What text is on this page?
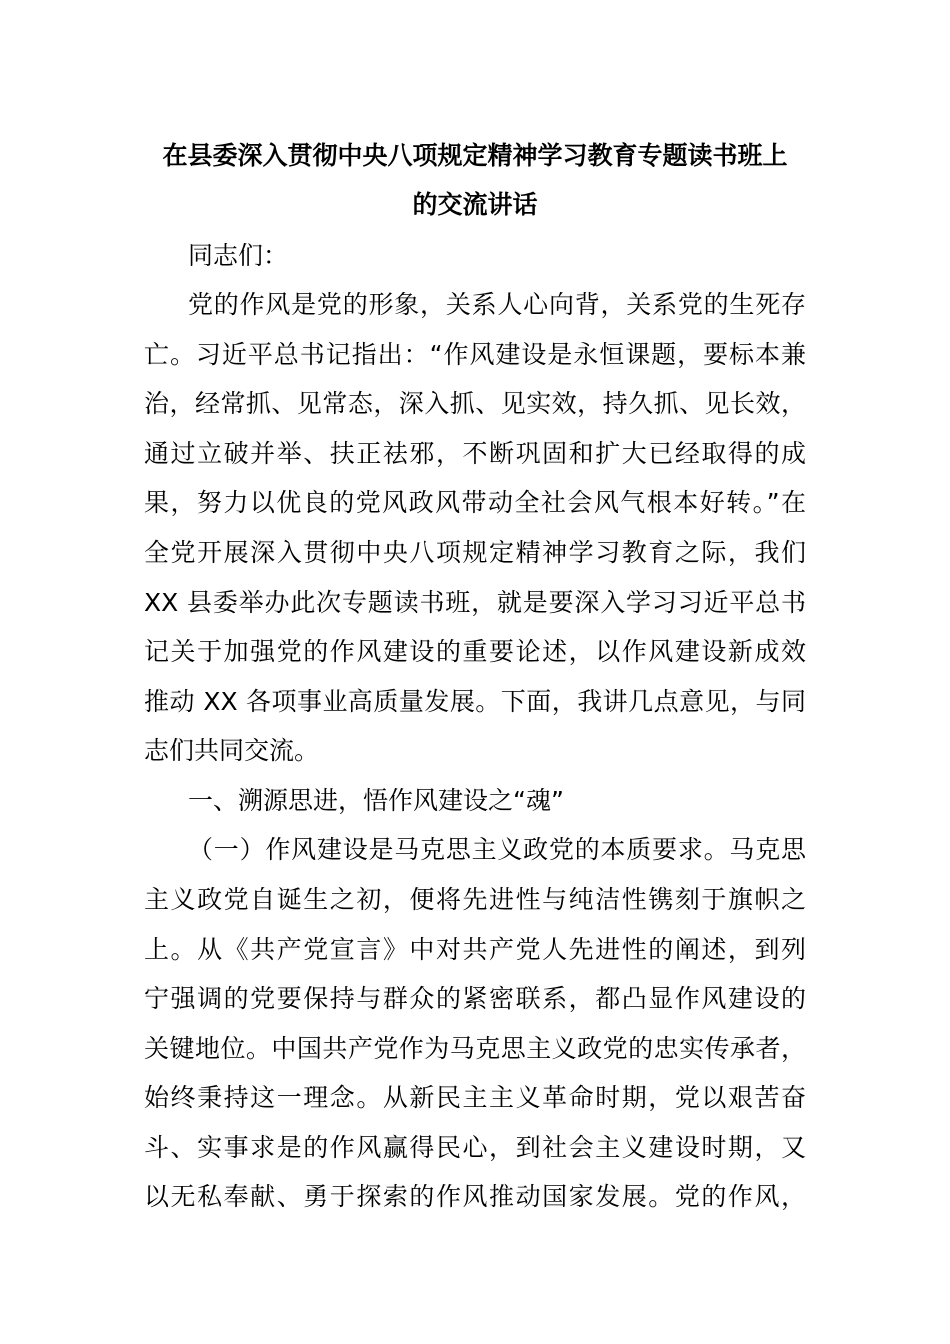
在县委深入贯彻中央八项规定精神学习教育专题读书班上
的交流讲话
同志们：
党的作风是党的形象，关系人心向背，关系党的生死存
亡。习近平总书记指出：“作风建设是永恒课题，要标本兼
治，经常抓、见常态，深入抓、见实效，持久抓、见长效，
通过立破并举、扶正祛邪，不断巩固和扩大已经取得的成
果，努力以优良的党风政风带动全社会风气根本好转。”在
全党开展深入贯彻中央八项规定精神学习教育之际，我们
XX 县委举办此次专题读书班，就是要深入学习习近平总书
记关于加强党的作风建设的重要论述，以作风建设新成效
推动 XX 各项事业高质量发展。下面，我讲几点意见，与同
志们共同交流。
一、溯源思进，悟作风建设之“魂”
（一）作风建设是马克思主义政党的本质要求。马克思
主义政党自诞生之初，便将先进性与纯洁性镌刻于旗帜之
上。从《共产党宣言》中对共产党人先进性的阐述，到列
宁强调的党要保持与群众的紧密联系，都凸显作风建设的
关键地位。中国共产党作为马克思主义政党的忠实传承者，
始终秉持这一理念。从新民主主义革命时期，党以艰苦奋
斗、实事求是的作风赢得民心，到社会主义建设时期，又
以无私奉献、勇于探索的作风推动国家发展。党的作风，
